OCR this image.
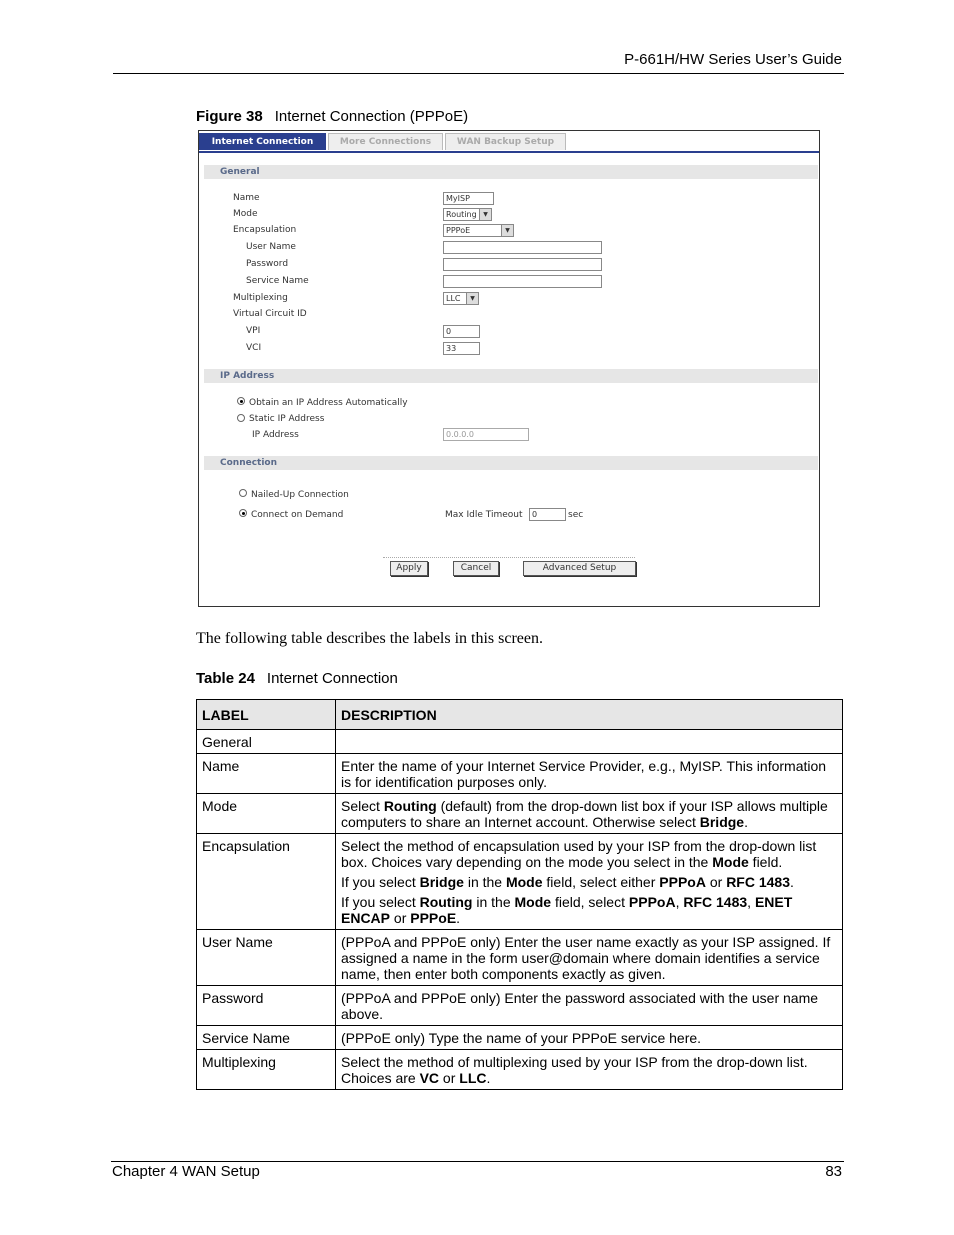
P-661H/HW Series User’s Guide
Figure 38 Internet Connection (PPPoE)
Internet Connection	More Connections	WAN Backup Setup
General
Name	MyISP
Mode	Routing	▼
Encapsulation	PPPoE	▼
User Name
Password
Service Name
Multiplexing	LLC	▼
Virtual Circuit ID
VPI	0
VCI	33
IP Address
Obtain an IP Address Automatically
Static IP Address
IP Address	0.0.0.0
Connection
Nailed-Up Connection
Connect on Demand	Max Idle Timeout	0	sec
Apply	Cancel	Advanced Setup
The following table describes the labels in this screen.
Table 24 Internet Connection
LABEL	DESCRIPTION
General	
Name	Enter the name of your Internet Service Provider, e.g., MyISP. This information is for identification purposes only.

Mode	Select Routing (default) from the drop-down list box if your ISP allows multiple computers to share an Internet account. Otherwise select Bridge.

Encapsulation	Select the method of encapsulation used by your ISP from the drop-down list box. Choices vary depending on the mode you select in the Mode field.

If you select Bridge in the Mode field, select either PPPoA or RFC 1483.

If you select Routing in the Mode field, select PPPoA, RFC 1483, ENET ENCAP or PPPoE.

User Name	(PPPoA and PPPoE only) Enter the user name exactly as your ISP assigned. If assigned a name in the form user@domain where domain identifies a service name, then enter both components exactly as given.

Password	(PPPoA and PPPoE only) Enter the password associated with the user name above.

Service Name	(PPPoE only) Type the name of your PPPoE service here.

Multiplexing	Select the method of multiplexing used by your ISP from the drop-down list. Choices are VC or LLC.

Chapter 4 WAN Setup	83
